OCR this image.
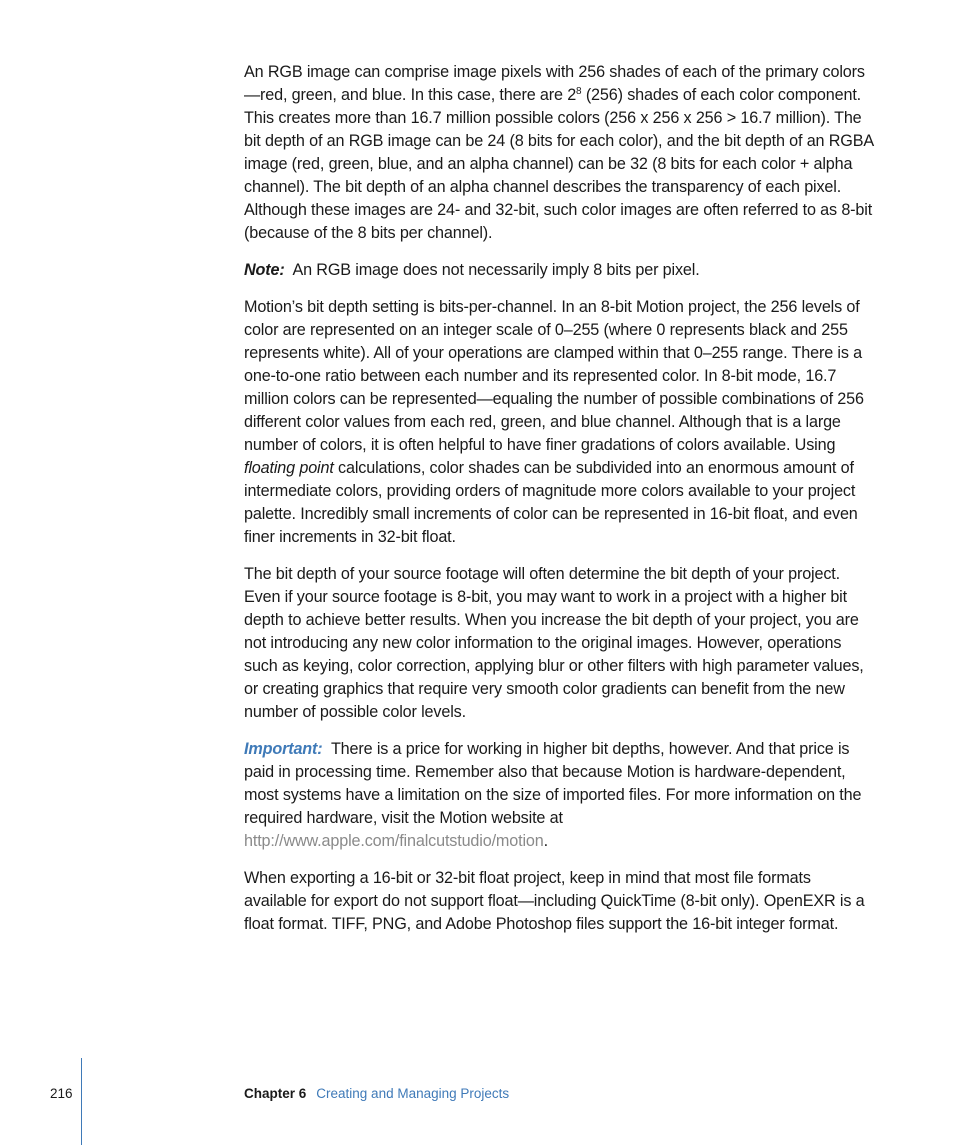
An RGB image can comprise image pixels with 256 shades of each of the primary colors—red, green, and blue. In this case, there are $2^8$ (256) shades of each color component. This creates more than 16.7 million possible colors (256 x 256 x 256 > 16.7 million). The bit depth of an RGB image can be 24 (8 bits for each color), and the bit depth of an RGBA image (red, green, blue, and an alpha channel) can be 32 (8 bits for each color + alpha channel). The bit depth of an alpha channel describes the transparency of each pixel. Although these images are 24- and 32-bit, such color images are often referred to as 8-bit (because of the 8 bits per channel).

Note: An RGB image does not necessarily imply 8 bits per pixel.

Motion’s bit depth setting is bits-per-channel. In an 8-bit Motion project, the 256 levels of color are represented on an integer scale of 0–255 (where 0 represents black and 255 represents white). All of your operations are clamped within that 0–255 range. There is a one-to-one ratio between each number and its represented color. In 8-bit mode, 16.7 million colors can be represented—equaling the number of possible combinations of 256 different color values from each red, green, and blue channel. Although that is a large number of colors, it is often helpful to have finer gradations of colors available. Using floating point calculations, color shades can be subdivided into an enormous amount of intermediate colors, providing orders of magnitude more colors available to your project palette. Incredibly small increments of color can be represented in 16-bit float, and even finer increments in 32-bit float.

The bit depth of your source footage will often determine the bit depth of your project. Even if your source footage is 8-bit, you may want to work in a project with a higher bit depth to achieve better results. When you increase the bit depth of your project, you are not introducing any new color information to the original images. However, operations such as keying, color correction, applying blur or other filters with high parameter values, or creating graphics that require very smooth color gradients can benefit from the new number of possible color levels.

Important: There is a price for working in higher bit depths, however. And that price is paid in processing time. Remember also that because Motion is hardware-dependent, most systems have a limitation on the size of imported files. For more information on the required hardware, visit the Motion website at
http://www.apple.com/finalcutstudio/motion.

When exporting a 16-bit or 32-bit float project, keep in mind that most file formats available for export do not support float—including QuickTime (8-bit only). OpenEXR is a float format. TIFF, PNG, and Adobe Photoshop files support the 16-bit integer format.

216	Chapter 6 Creating and Managing Projects
